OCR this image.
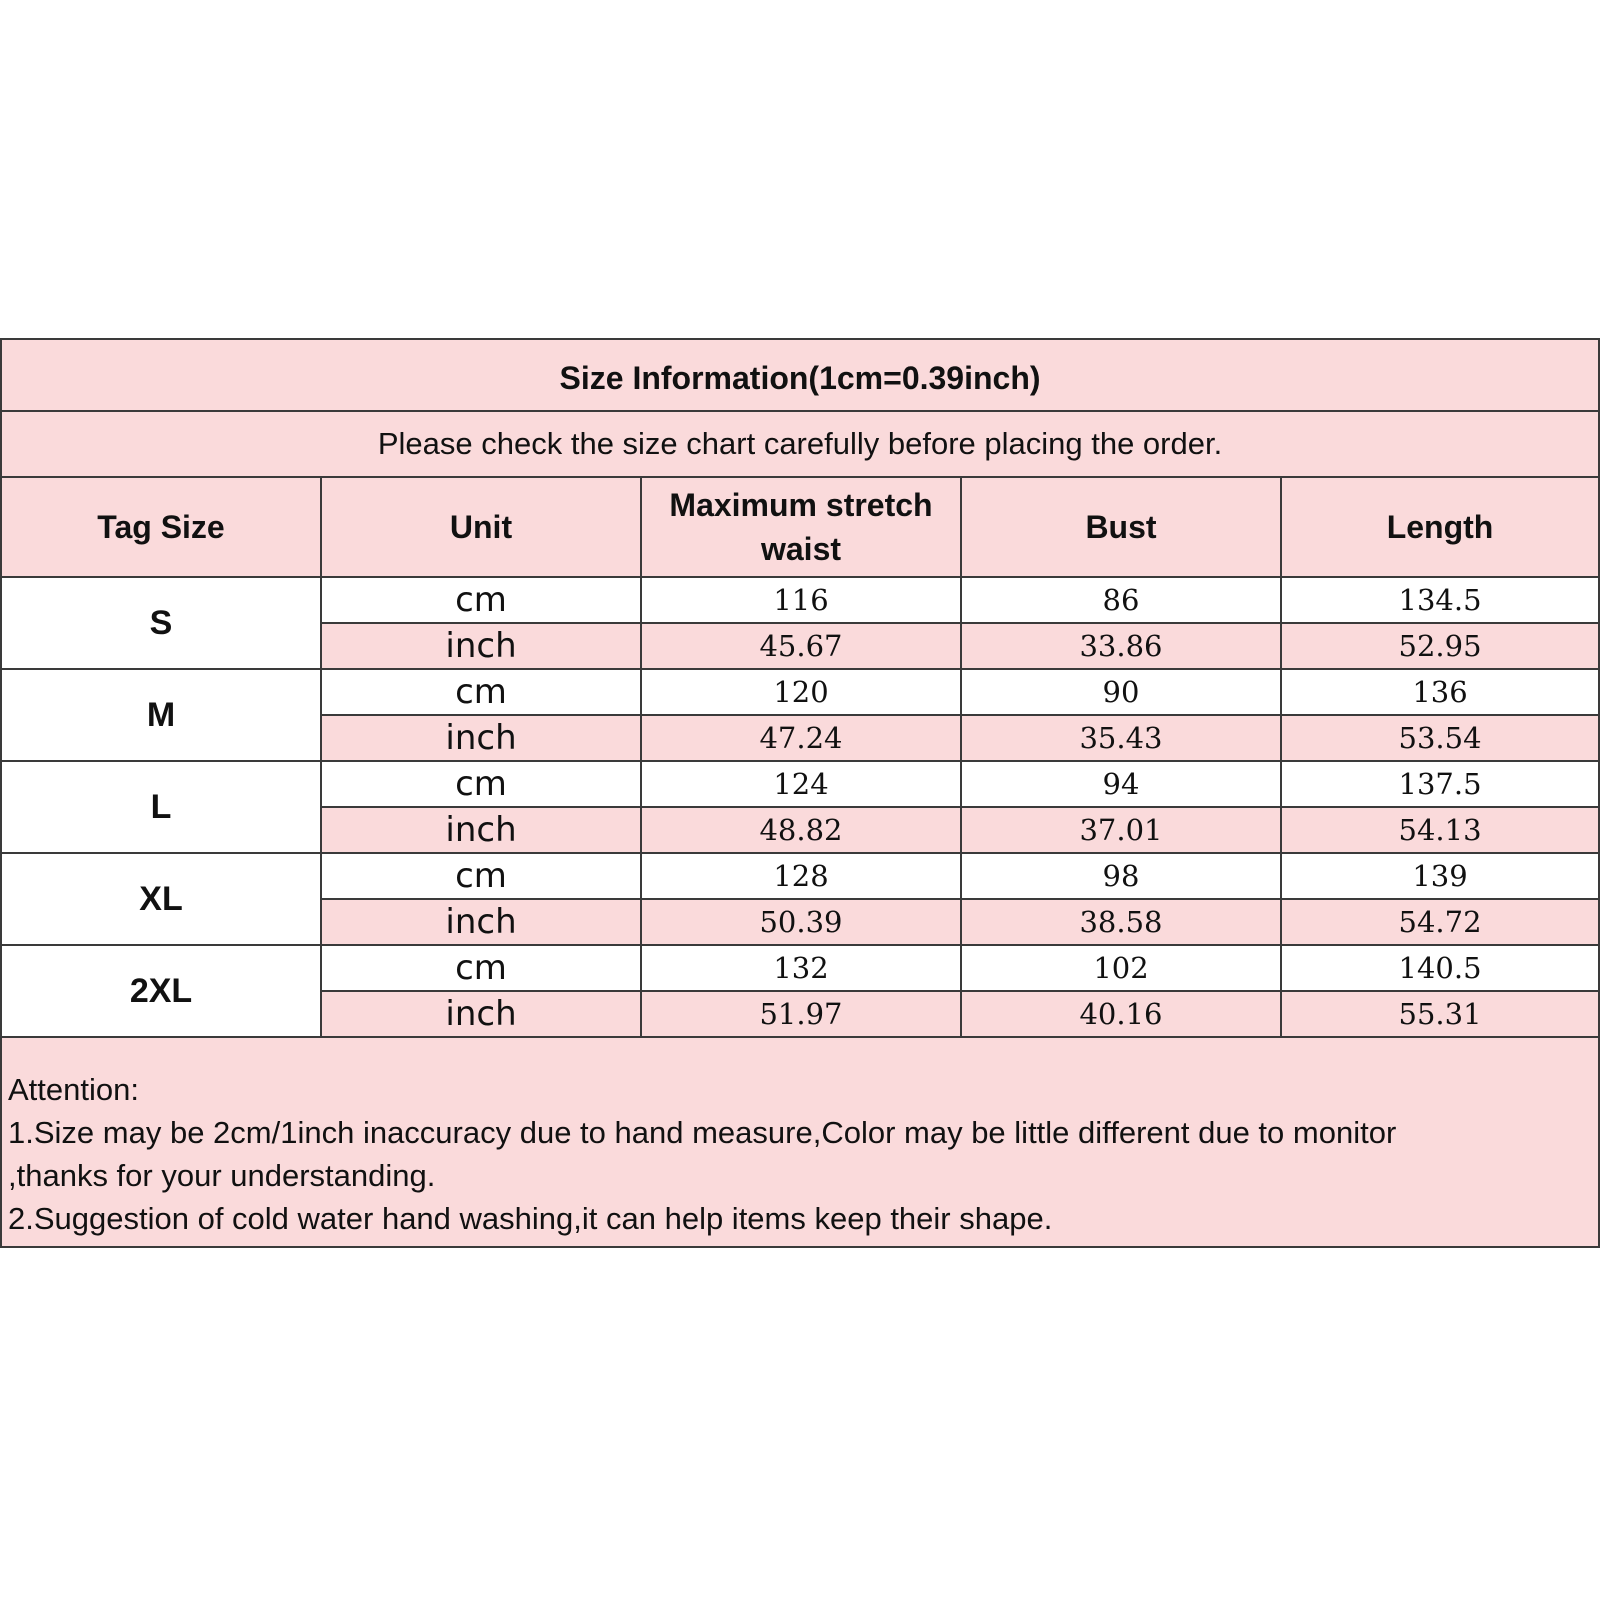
Size Information(1cm=0.39inch)				
Please check the size chart carefully before placing the order.				
Tag Size	Unit	Maximum stretch waist	Bust	Length
S	cm	116	86	134.5
	inch	45.67	33.86	52.95
M	cm	120	90	136
	inch	47.24	35.43	53.54
L	cm	124	94	137.5
	inch	48.82	37.01	54.13
XL	cm	128	98	139
	inch	50.39	38.58	54.72
2XL	cm	132	102	140.5
	inch	51.97	40.16	55.31

Attention:
1.Size may be 2cm/1inch inaccuracy due to hand measure,Color may be little different due to monitor
,thanks for your understanding.
2.Suggestion of cold water hand washing,it can help items keep their shape.				
